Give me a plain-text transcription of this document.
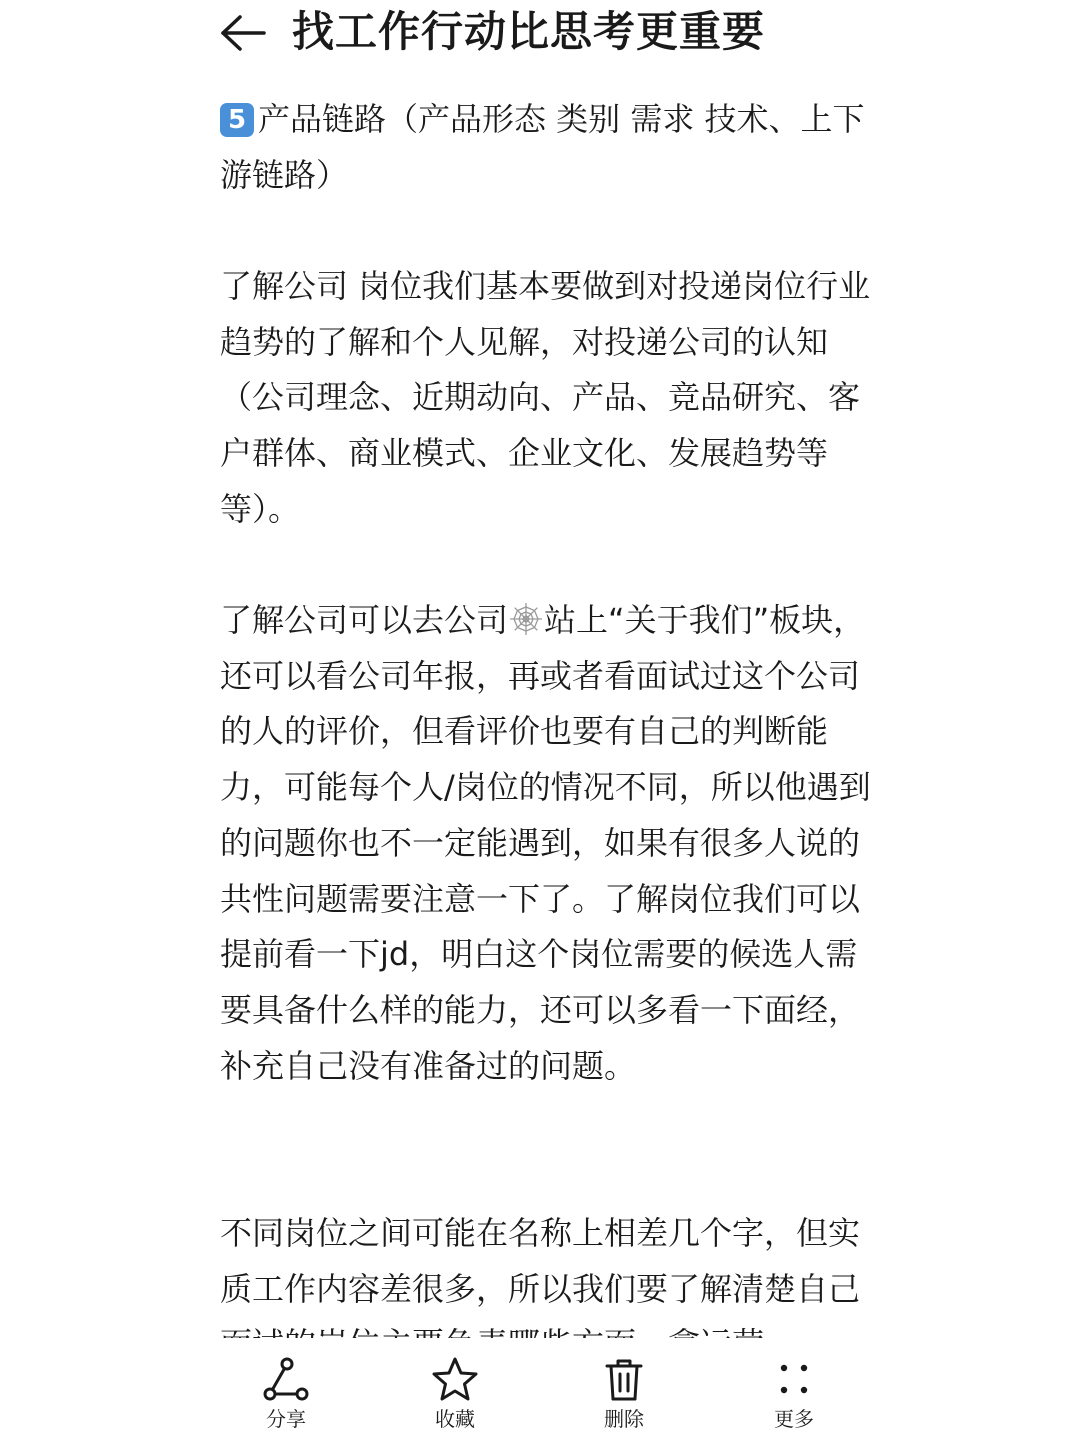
5 产品链路（产品形态 类别 需求 技术、上下游链路）

了解公司 岗位我们基本要做到对投递岗位行业趋势的了解和个人见解，对投递公司的认知（公司理念、近期动向、产品、竞品研究、客户群体、商业模式、企业文化、发展趋势等等）。

了解公司可以去公司 站上“关于我们”板块，还可以看公司年报，再或者看面试过这个公司的人的评价，但看评价也要有自己的判断能力，可能每个人/岗位的情况不同，所以他遇到的问题你也不一定能遇到，如果有很多人说的共性问题需要注意一下了。了解岗位我们可以提前看一下jd，明白这个岗位需要的候选人需要具备什么样的能力，还可以多看一下面经，补充自己没有准备过的问题。

不同岗位之间可能在名称上相差几个字，但实质工作内容差很多，所以我们要了解清楚自己

找工作行动比思考更重要
分享	收藏	删除	更多
